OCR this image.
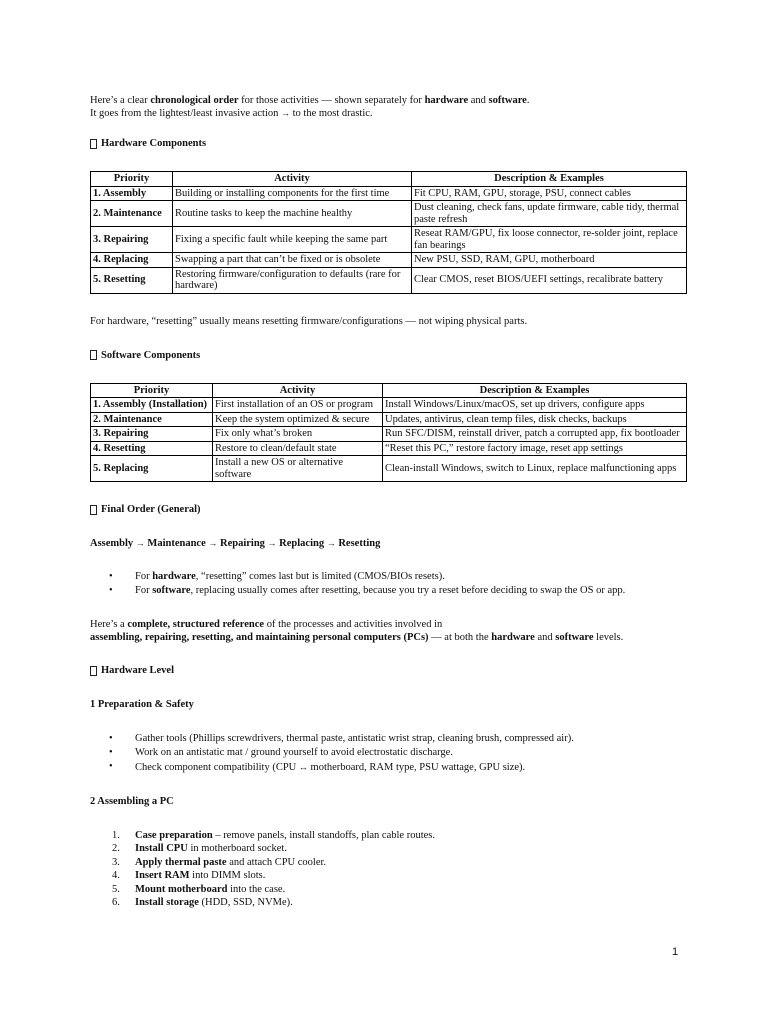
Here’s a clear chronological order for those activities — shown separately for hardware and software.

It goes from the lightest/least invasive action → to the most drastic.

Hardware Components
Priority	Activity	Description & Examples
1. Assembly	Building or installing components for the first time	Fit CPU, RAM, GPU, storage, PSU, connect cables
2. Maintenance	Routine tasks to keep the machine healthy	Dust cleaning, check fans, update firmware, cable tidy, thermal paste refresh
3. Repairing	Fixing a specific fault while keeping the same part	Reseat RAM/GPU, fix loose connector, re-solder joint, replace fan bearings
4. Replacing	Swapping a part that can’t be fixed or is obsolete	New PSU, SSD, RAM, GPU, motherboard
5. Resetting	Restoring firmware/configuration to defaults (rare for hardware)	Clear CMOS, reset BIOS/UEFI settings, recalibrate battery

For hardware, “resetting” usually means resetting firmware/configurations — not wiping physical parts.

Software Components
Priority	Activity	Description & Examples
1. Assembly (Installation)	First installation of an OS or program	Install Windows/Linux/macOS, set up drivers, configure apps
2. Maintenance	Keep the system optimized & secure	Updates, antivirus, clean temp files, disk checks, backups
3. Repairing	Fix only what’s broken	Run SFC/DISM, reinstall driver, patch a corrupted app, fix bootloader
4. Resetting	Restore to clean/default state	“Reset this PC,” restore factory image, reset app settings
5. Replacing	Install a new OS or alternative software	Clean-install Windows, switch to Linux, replace malfunctioning apps
Final Order (General)

Assembly → Maintenance → Repairing → Replacing → Resetting

• For hardware, “resetting” comes last but is limited (CMOS/BIOs resets).
• For software, replacing usually comes after resetting, because you try a reset before deciding to swap the OS or app.

Here’s a complete, structured reference of the processes and activities involved in

assembling, repairing, resetting, and maintaining personal computers (PCs) — at both the hardware and software levels.

Hardware Level
1 Preparation & Safety
• Gather tools (Phillips screwdrivers, thermal paste, antistatic wrist strap, cleaning brush, compressed air).
• Work on an antistatic mat / ground yourself to avoid electrostatic discharge.
• Check component compatibility (CPU ↔ motherboard, RAM type, PSU wattage, GPU size).
2 Assembling a PC
1. Case preparation – remove panels, install standoffs, plan cable routes.
2. Install CPU in motherboard socket.
3. Apply thermal paste and attach CPU cooler.
4. Insert RAM into DIMM slots.
5. Mount motherboard into the case.
6. Install storage (HDD, SSD, NVMe).
1
